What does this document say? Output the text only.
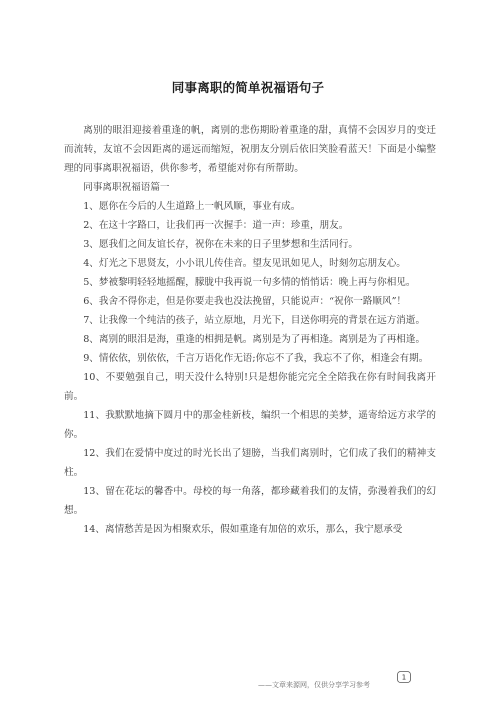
同事离职的简单祝福语句子

离别的眼泪迎接着重逢的帆，离别的悲伤期盼着重逢的甜，真情不会因岁月的变迁而流转，友谊不会因距离的遥远而缩短，祝朋友分别后依旧笑脸看蓝天！下面是小编整理的同事离职祝福语，供你参考，希望能对你有所帮助。

同事离职祝福语篇一

1、愿你在今后的人生道路上一帆风顺，事业有成。

2、在这十字路口，让我们再一次握手：道一声：珍重，朋友。

3、愿我们之间友谊长存，祝你在未来的日子里梦想和生活同行。

4、灯光之下思贤友，小小讯儿传佳音。望友见讯如见人，时刻勿忘朋友心。

5、梦被黎明轻轻地摇醒，朦胧中我再说一句多情的悄悄话：晚上再与你相见。

6、我舍不得你走，但是你要走我也没法挽留，只能说声：“祝你一路顺风”！

7、让我像一个纯洁的孩子，站立原地，月光下，目送你明亮的背景在远方消逝。

8、离别的眼泪是海，重逢的相拥是帆。离别是为了再相逢。离别是为了再相逢。

9、情依依，别依依，千言万语化作无语;你忘不了我，我忘不了你，相逢会有期。

10、不要勉强自己，明天没什么特别!只是想你能完完全全陪我在你有时间我离开前。

11、我默默地摘下圆月中的那金桂新枝，编织一个相思的美梦，遥寄给远方求学的你。

12、我们在爱情中度过的时光长出了翅膀，当我们离别时，它们成了我们的精神支柱。

13、留在花坛的馨香中。母校的每一角落，都珍藏着我们的友情，弥漫着我们的幻想。

14、离情愁苦是因为相聚欢乐，假如重逢有加倍的欢乐，那么，我宁愿承受

——文章来源网，仅供分享学习参考
1
